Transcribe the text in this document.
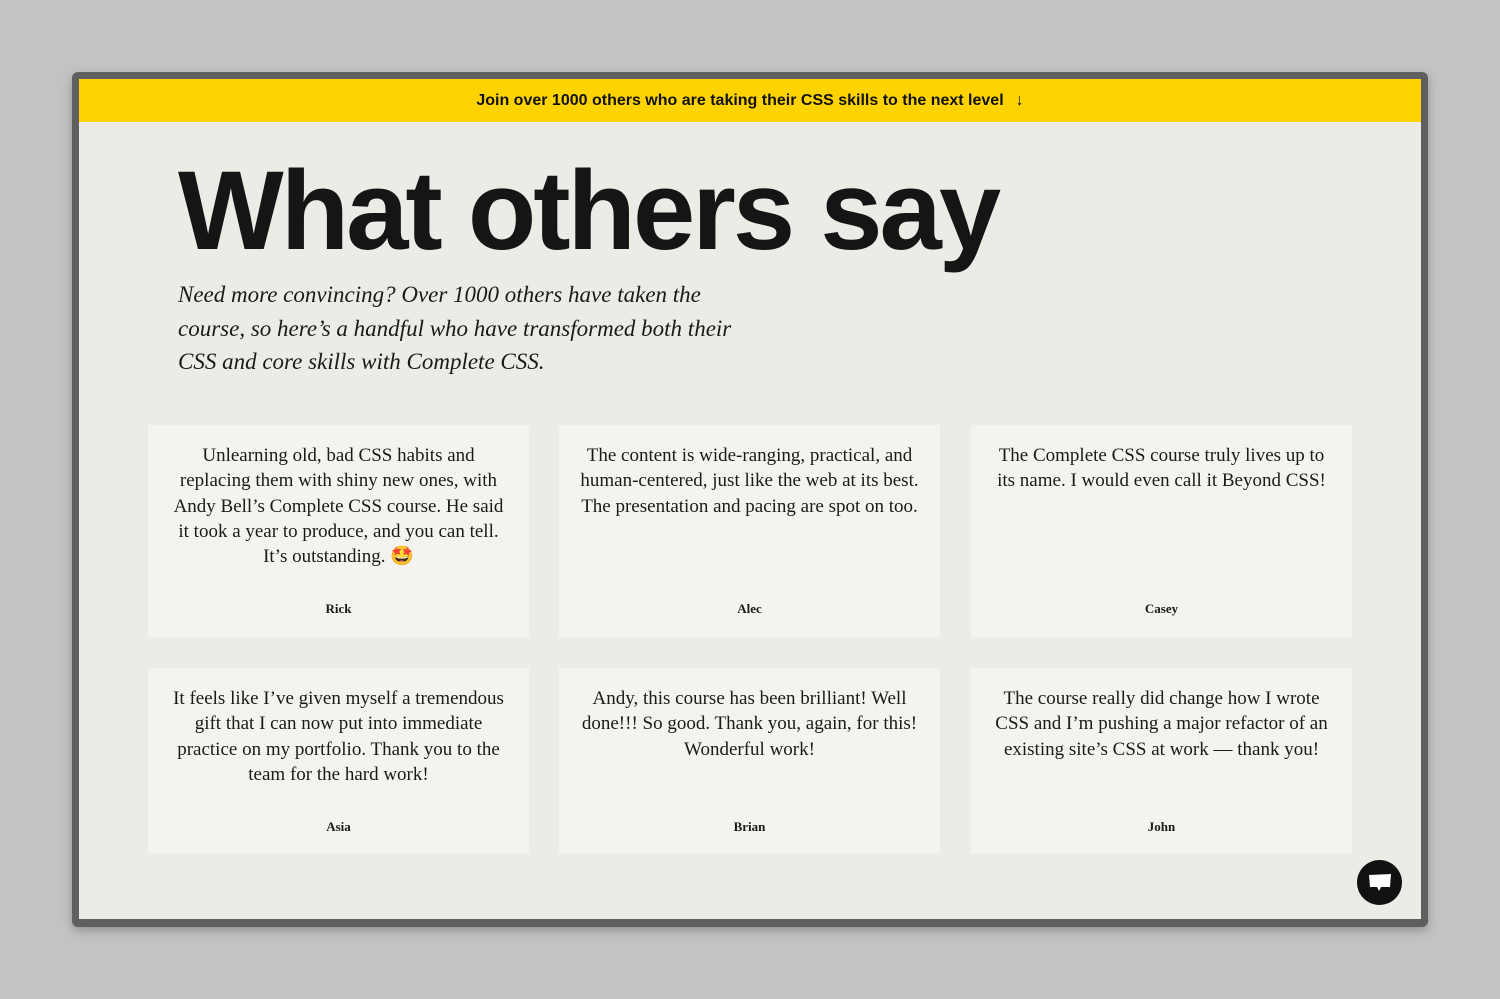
Join over 1000 others who are taking their CSS skills to the next level ↓
What others say

Need more convincing? Over 1000 others have taken the course, so here’s a handful who have transformed both their CSS and core skills with Complete CSS.

Unlearning old, bad CSS habits and replacing them with shiny new ones, with Andy Bell’s Complete CSS course. He said it took a year to produce, and you can tell. It’s outstanding. 🤩

Rick

The content is wide-ranging, practical, and human-centered, just like the web at its best. The presentation and pacing are spot on too.

Alec

The Complete CSS course truly lives up to its name. I would even call it Beyond CSS!

Casey

It feels like I’ve given myself a tremendous gift that I can now put into immediate practice on my portfolio. Thank you to the team for the hard work!

Asia

Andy, this course has been brilliant! Well done!!! So good. Thank you, again, for this! Wonderful work!

Brian

The course really did change how I wrote CSS and I’m pushing a major refactor of an existing site’s CSS at work — thank you!

John
